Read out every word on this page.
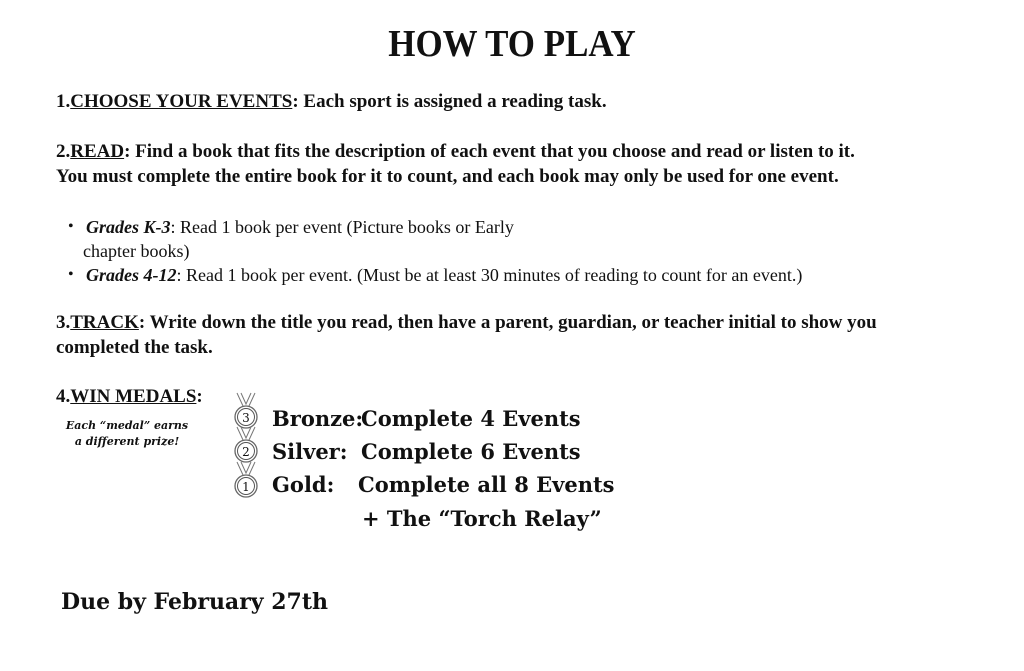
HOW TO PLAY
1.CHOOSE YOUR EVENTS: Each sport is assigned a reading task.
2.READ: Find a book that fits the description of each event that you choose and read or listen to it.
You must complete the entire book for it to count, and each book may only be used for one event.
• Grades K-3: Read 1 book per event (Picture books or Early
chapter books)
• Grades 4-12: Read 1 book per event. (Must be at least 30 minutes of reading to count for an event.)
3.TRACK: Write down the title you read, then have a parent, guardian, or teacher initial to show you
completed the task.
4.WIN MEDALS:
Each “medal” earns
a different prize!
3
2
1
Bronze:
Complete 4 Events
Silver: Complete 6 Events
Gold: Complete all 8 Events
+ The “Torch Relay”
Due by February 27th
